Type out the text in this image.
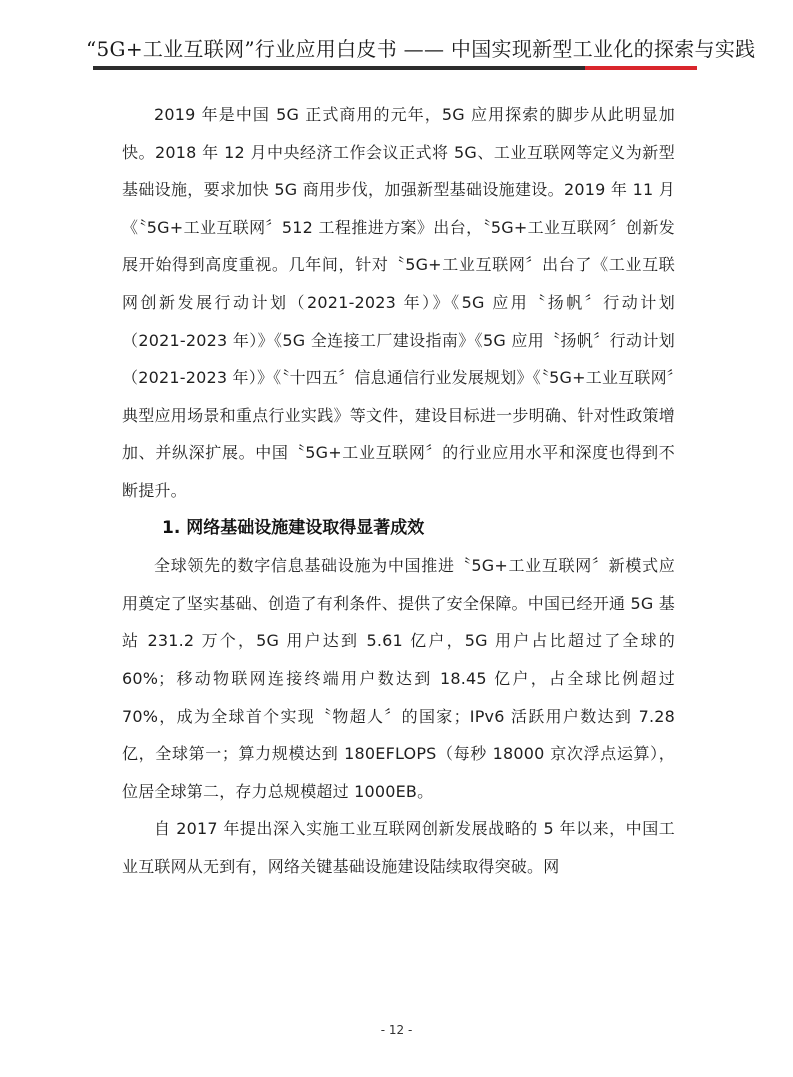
“5G+工业互联网”行业应用白皮书 —— 中国实现新型工业化的探索与实践

2019 年是中国 5G 正式商用的元年，5G 应用探索的脚步从此明显加快。2018 年 12 月中央经济工作会议正式将 5G、工业互联网等定义为新型基础设施，要求加快 5G 商用步伐，加强新型基础设施建设。2019 年 11 月《〝5G+工业互联网〞512 工程推进方案》出台，〝5G+工业互联网〞创新发展开始得到高度重视。几年间，针对〝5G+工业互联网〞出台了《工业互联网创新发展行动计划（2021-2023 年）》《5G 应用〝扬帆〞行动计划（2021-2023 年）》《5G 全连接工厂建设指南》《5G 应用〝扬帆〞行动计划（2021-2023 年）》《〝十四五〞信息通信行业发展规划》《〝5G+工业互联网〞典型应用场景和重点行业实践》等文件，建设目标进一步明确、针对性政策增加、并纵深扩展。中国〝5G+工业互联网〞的行业应用水平和深度也得到不断提升。

1. 网络基础设施建设取得显著成效

全球领先的数字信息基础设施为中国推进〝5G+工业互联网〞新模式应用奠定了坚实基础、创造了有利条件、提供了安全保障。中国已经开通 5G 基站 231.2 万个，5G 用户达到 5.61 亿户，5G 用户占比超过了全球的 60%；移动物联网连接终端用户数达到 18.45 亿户，占全球比例超过 70%，成为全球首个实现〝物超人〞的国家；IPv6 活跃用户数达到 7.28 亿，全球第一；算力规模达到 180EFLOPS（每秒 18000 京次浮点运算），位居全球第二，存力总规模超过 1000EB。

自 2017 年提出深入实施工业互联网创新发展战略的 5 年以来，中国工业互联网从无到有，网络关键基础设施建设陆续取得突破。网

- 12 -
